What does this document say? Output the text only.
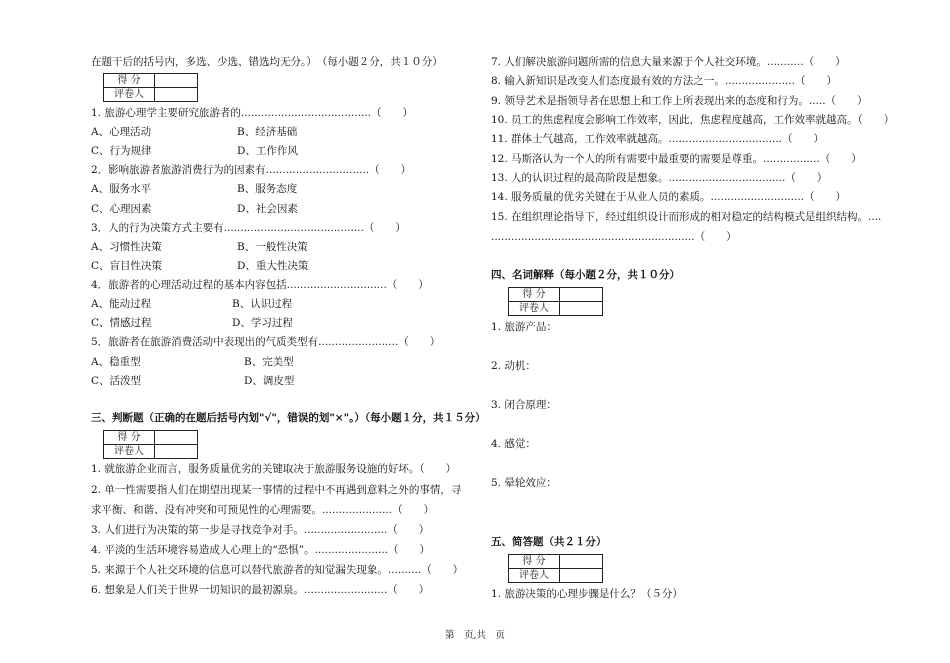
在题干后的括号内，多选、少选、错选均无分。）　（每小题２分，共１０分）
得 分	
评卷人	
1. 旅游心理学主要研究旅游者的.......................................（　　）
A、心理活动	B、经济基础
C、行为规律	D、工作作风
2．影响旅游者旅游消费行为的因素有...............................（　　）
A、服务水平	B、服务态度
C、心理因素	D、社会因素
3．人的行为决策方式主要有..........................................（　　）
A、习惯性决策	B、一般性决策
C、盲目性决策	D、重大性决策
4．旅游者的心理活动过程的基本内容包括..............................（　　）
A、能动过程	B、认识过程
C、情感过程	D、学习过程
5．旅游者在旅游消费活动中表现出的气质类型有........................（　　）
A、稳重型	B、完美型
C、活泼型	D、调皮型
三、判断题（正确的在题后括号内划"√"，错误的划"×"。）（每小题１分，共１５分）
得 分	
评卷人	
1. 就旅游企业而言，服务质量优劣的关键取决于旅游服务设施的好坏。（　　）
2. 单一性需要指人们在期望出现某一事情的过程中不再遇到意料之外的事情，寻
求平衡、和谐、没有冲突和可预见性的心理需要。.....................（　　）
3. 人们进行为决策的第一步是寻找竞争对手。.........................（　　）
4. 平淡的生活环境容易造成人心理上的“恐惧”。......................（　　）
5. 来源于个人社交环境的信息可以替代旅游者的知觉漏失现象。..........（　　）
6. 想象是人们关于世界一切知识的最初源泉。.........................（　　）
7. 人们解决旅游问题所需的信息大量来源于个人社交环境。...........（　　）
8. 输入新知识是改变人们态度最有效的方法之一。.....................（　　）
9. 领导艺术是指领导者在思想上和工作上所表现出来的态度和行为。.....（　　）
10. 员工的焦虑程度会影响工作效率，因此，焦虑程度越高，工作效率就越高。（　　）
11. 群体士气越高，工作效率就越高。..................................（　　）
12. 马斯洛认为一个人的所有需要中最重要的需要是尊重。.................（　　）
13. 人的认识过程的最高阶段是想象。...................................（　　）
14. 服务质量的优劣关键在于从业人员的素质。............................（　　）
15. 在组织理论指导下，经过组织设计而形成的相对稳定的结构模式是组织结构。....
.............................................................（　　）
四、名词解释（每小题２分，共１０分）
得 分	
评卷人	
1. 旅游产品：
2. 动机：
3. 闭合原理：
4. 感觉：
5. 晕轮效应：
五、简答题（共２１分）
得 分	
评卷人	
1. 旅游决策的心理步骤是什么？（５分）
第　页,共　页
